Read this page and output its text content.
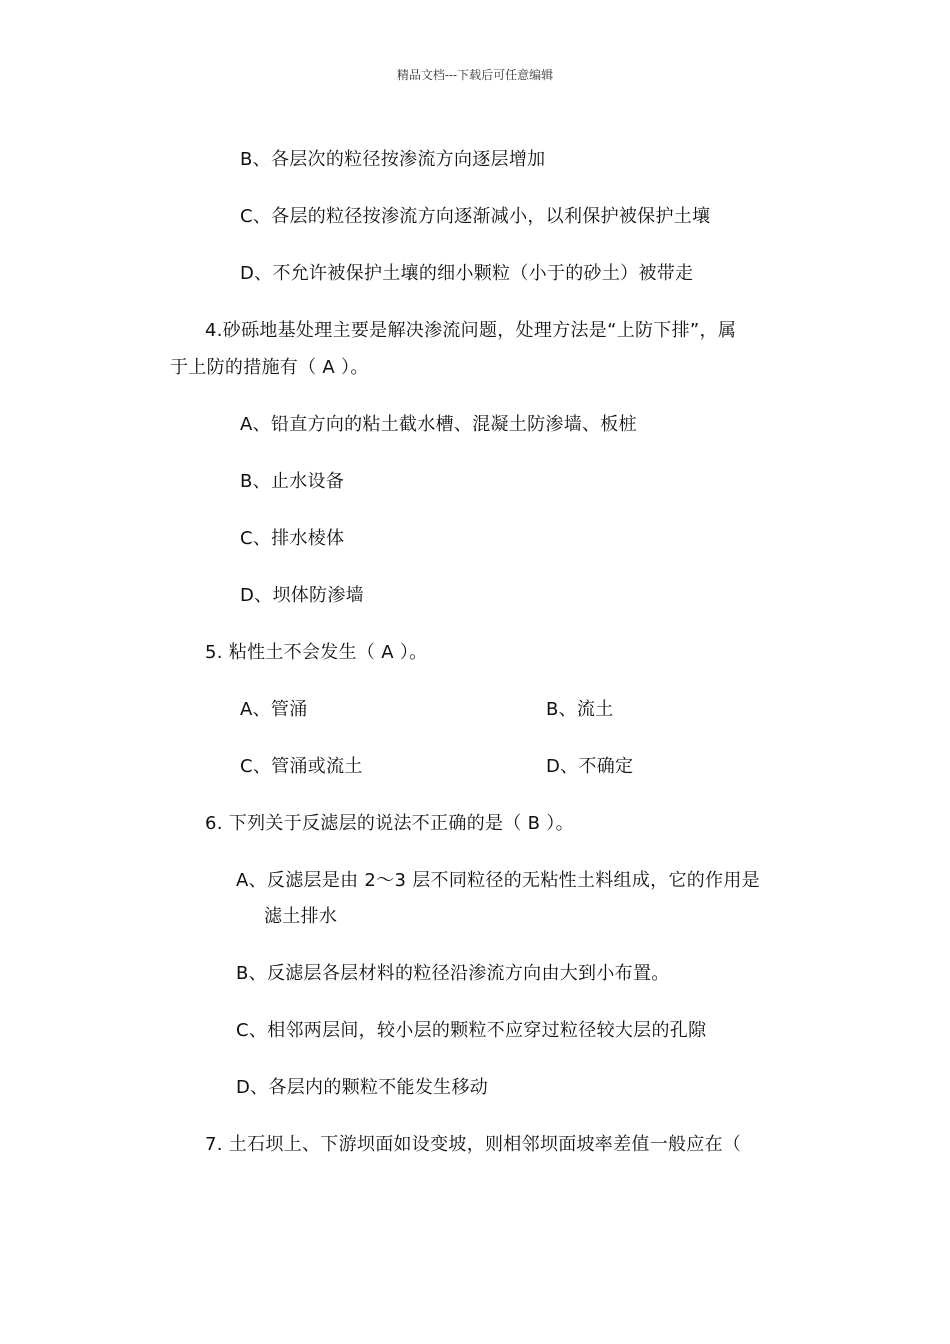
精品文档---下载后可任意编辑
B、各层次的粒径按渗流方向逐层增加
C、各层的粒径按渗流方向逐渐减小，以利保护被保护土壤
D、不允许被保护土壤的细小颗粒（小于的砂土）被带走
4.砂砾地基处理主要是解决渗流问题，处理方法是“上防下排”，属
于上防的措施有（ A ）。
A、铅直方向的粘土截水槽、混凝土防渗墙、板桩
B、止水设备
C、排水棱体
D、坝体防渗墙
5. 粘性土不会发生（ A ）。
A、管涌	B、流土
C、管涌或流土	D、不确定
6. 下列关于反滤层的说法不正确的是（ B ）。
A、反滤层是由 2～3 层不同粒径的无粘性土料组成，它的作用是
滤土排水
B、反滤层各层材料的粒径沿渗流方向由大到小布置。
C、相邻两层间，较小层的颗粒不应穿过粒径较大层的孔隙
D、各层内的颗粒不能发生移动
7. 土石坝上、下游坝面如设变坡，则相邻坝面坡率差值一般应在（
